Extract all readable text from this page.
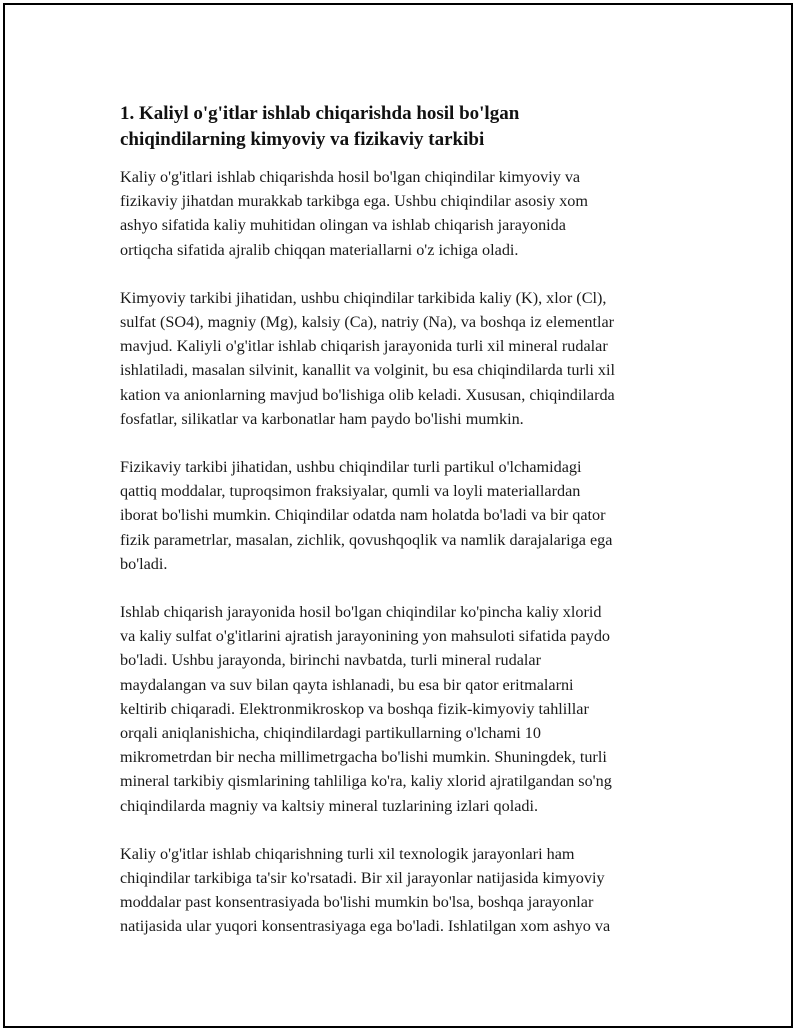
1. Kaliyl o'g'itlar ishlab chiqarishda hosil bo'lgan
chiqindilarning kimyoviy va fizikaviy tarkibi

Kaliy o'g'itlari ishlab chiqarishda hosil bo'lgan chiqindilar kimyoviy va
fizikaviy jihatdan murakkab tarkibga ega. Ushbu chiqindilar asosiy xom
ashyo sifatida kaliy muhitidan olingan va ishlab chiqarish jarayonida
ortiqcha sifatida ajralib chiqqan materiallarni o'z ichiga oladi.

Kimyoviy tarkibi jihatidan, ushbu chiqindilar tarkibida kaliy (K), xlor (Cl),
sulfat (SO4), magniy (Mg), kalsiy (Ca), natriy (Na), va boshqa iz elementlar
mavjud. Kaliyli o'g'itlar ishlab chiqarish jarayonida turli xil mineral rudalar
ishlatiladi, masalan silvinit, kanallit va volginit, bu esa chiqindilarda turli xil
kation va anionlarning mavjud bo'lishiga olib keladi. Xususan, chiqindilarda
fosfatlar, silikatlar va karbonatlar ham paydo bo'lishi mumkin.

Fizikaviy tarkibi jihatidan, ushbu chiqindilar turli partikul o'lchamidagi
qattiq moddalar, tuproqsimon fraksiyalar, qumli va loyli materiallardan
iborat bo'lishi mumkin. Chiqindilar odatda nam holatda bo'ladi va bir qator
fizik parametrlar, masalan, zichlik, qovushqoqlik va namlik darajalariga ega
bo'ladi.

Ishlab chiqarish jarayonida hosil bo'lgan chiqindilar ko'pincha kaliy xlorid
va kaliy sulfat o'g'itlarini ajratish jarayonining yon mahsuloti sifatida paydo
bo'ladi. Ushbu jarayonda, birinchi navbatda, turli mineral rudalar
maydalangan va suv bilan qayta ishlanadi, bu esa bir qator eritmalarni
keltirib chiqaradi. Elektronmikroskop va boshqa fizik-kimyoviy tahlillar
orqali aniqlanishicha, chiqindilardagi partikullarning o'lchami 10
mikrometrdan bir necha millimetrgacha bo'lishi mumkin. Shuningdek, turli
mineral tarkibiy qismlarining tahliliga ko'ra, kaliy xlorid ajratilgandan so'ng
chiqindilarda magniy va kaltsiy mineral tuzlarining izlari qoladi.

Kaliy o'g'itlar ishlab chiqarishning turli xil texnologik jarayonlari ham
chiqindilar tarkibiga ta'sir ko'rsatadi. Bir xil jarayonlar natijasida kimyoviy
moddalar past konsentrasiyada bo'lishi mumkin bo'lsa, boshqa jarayonlar
natijasida ular yuqori konsentrasiyaga ega bo'ladi. Ishlatilgan xom ashyo va
